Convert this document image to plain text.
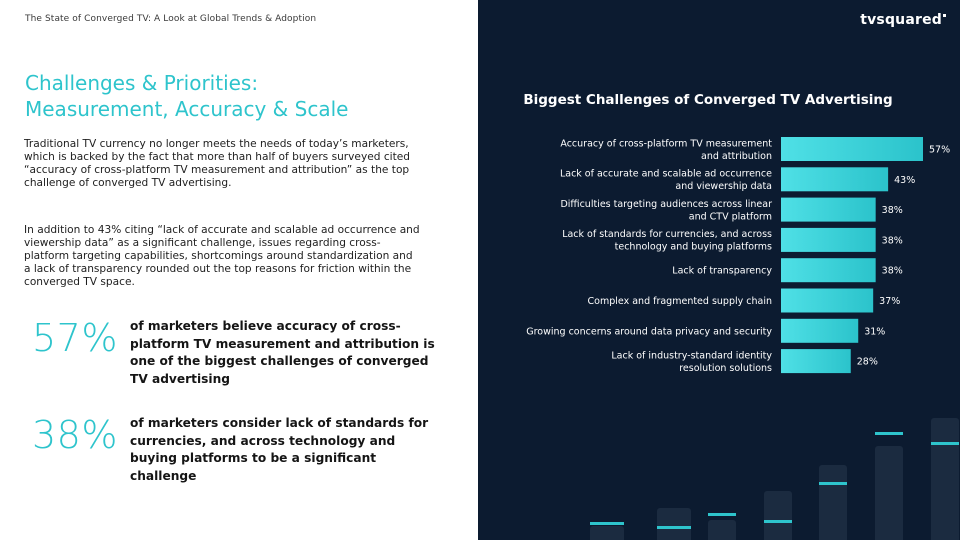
The State of Converged TV: A Look at Global Trends & Adoption
Challenges & Priorities:
Measurement, Accuracy & Scale

Traditional TV currency no longer meets the needs of today’s marketers, which is backed by the fact that more than half of buyers surveyed cited “accuracy of cross-platform TV measurement and attribution” as the top challenge of converged TV advertising.

In addition to 43% citing “lack of accurate and scalable ad occurrence and viewership data” as a significant challenge, issues regarding cross-platform targeting capabilities, shortcomings around standardization and a lack of transparency rounded out the top reasons for friction within the converged TV space.

57% of marketers believe accuracy of cross-platform TV measurement and attribution is one of the biggest challenges of converged TV advertising
38% of marketers consider lack of standards for currencies, and across technology and buying platforms to be a significant challenge
tvsquared
Biggest Challenges of Converged TV Advertising
57%
Accuracy of cross-platform TV measurement and attribution
43%
Lack of accurate and scalable ad occurrence and viewership data
38%
Difficulties targeting audiences across linear and CTV platform
38%
Lack of standards for currencies, and across technology and buying platforms
38%
Lack of transparency
37%
Complex and fragmented supply chain
31%
Growing concerns around data privacy and security
28%
Lack of industry-standard identity resolution solutions
